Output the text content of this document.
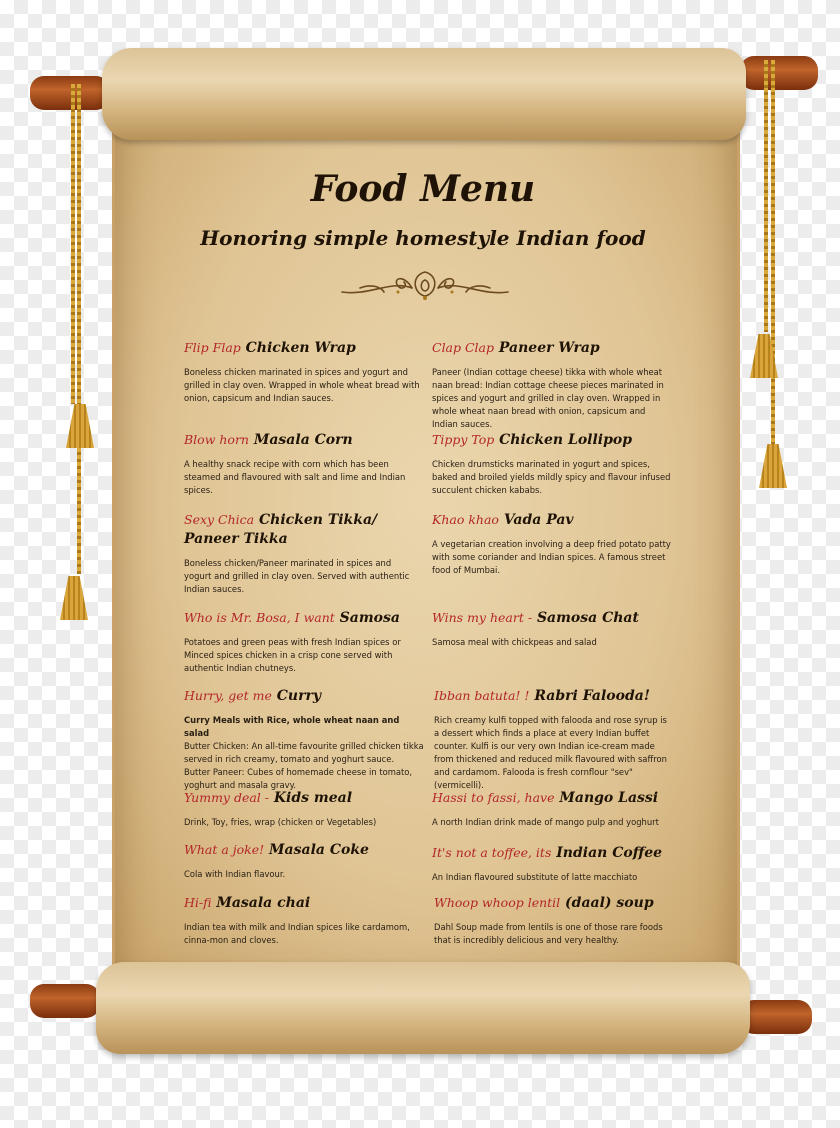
Food Menu
Honoring simple homestyle Indian food
Flip Flap Chicken Wrap

Boneless chicken marinated in spices and yogurt and grilled in clay oven. Wrapped in whole wheat bread with onion, capsicum and Indian sauces.

Blow horn Masala Corn

A healthy snack recipe with corn which has been steamed and flavoured with salt and lime and Indian spices.

Sexy Chica Chicken Tikka/ Paneer Tikka

Boneless chicken/Paneer marinated in spices and yogurt and grilled in clay oven. Served with authentic Indian sauces.

Who is Mr. Bosa, I want Samosa

Potatoes and green peas with fresh Indian spices or Minced spices chicken in a crisp cone served with authentic Indian chutneys.

Hurry, get me Curry

Curry Meals with Rice, whole wheat naan and salad

Butter Chicken: An all-time favourite grilled chicken tikka served in rich creamy, tomato and yoghurt sauce.

Butter Paneer: Cubes of homemade cheese in tomato, yoghurt and masala gravy.

Yummy deal - Kids meal

Drink, Toy, fries, wrap (chicken or Vegetables)

What a joke! Masala Coke

Cola with Indian flavour.

Hi-fi Masala chai

Indian tea with milk and Indian spices like cardamom, cinna-mon and cloves.

Clap Clap Paneer Wrap

Paneer (Indian cottage cheese) tikka with whole wheat naan bread: Indian cottage cheese pieces marinated in spices and yogurt and grilled in clay oven. Wrapped in whole wheat naan bread with onion, capsicum and Indian sauces.

Tippy Top Chicken Lollipop

Chicken drumsticks marinated in yogurt and spices, baked and broiled yields mildly spicy and flavour infused succulent chicken kababs.

Khao khao Vada Pav

A vegetarian creation involving a deep fried potato patty with some coriander and Indian spices. A famous street food of Mumbai.

Wins my heart - Samosa Chat

Samosa meal with chickpeas and salad

Ibban batuta! ! Rabri Falooda!

Rich creamy kulfi topped with falooda and rose syrup is a dessert which finds a place at every Indian buffet counter. Kulfi is our very own Indian ice-cream made from thickened and reduced milk flavoured with saffron and cardamom. Falooda is fresh cornflour "sev" (vermicelli).

Hassi to fassi, have Mango Lassi

A north Indian drink made of mango pulp and yoghurt

It's not a toffee, its Indian Coffee

An Indian flavoured substitute of latte macchiato

Whoop whoop lentil (daal) soup

Dahl Soup made from lentils is one of those rare foods that is incredibly delicious and very healthy.
